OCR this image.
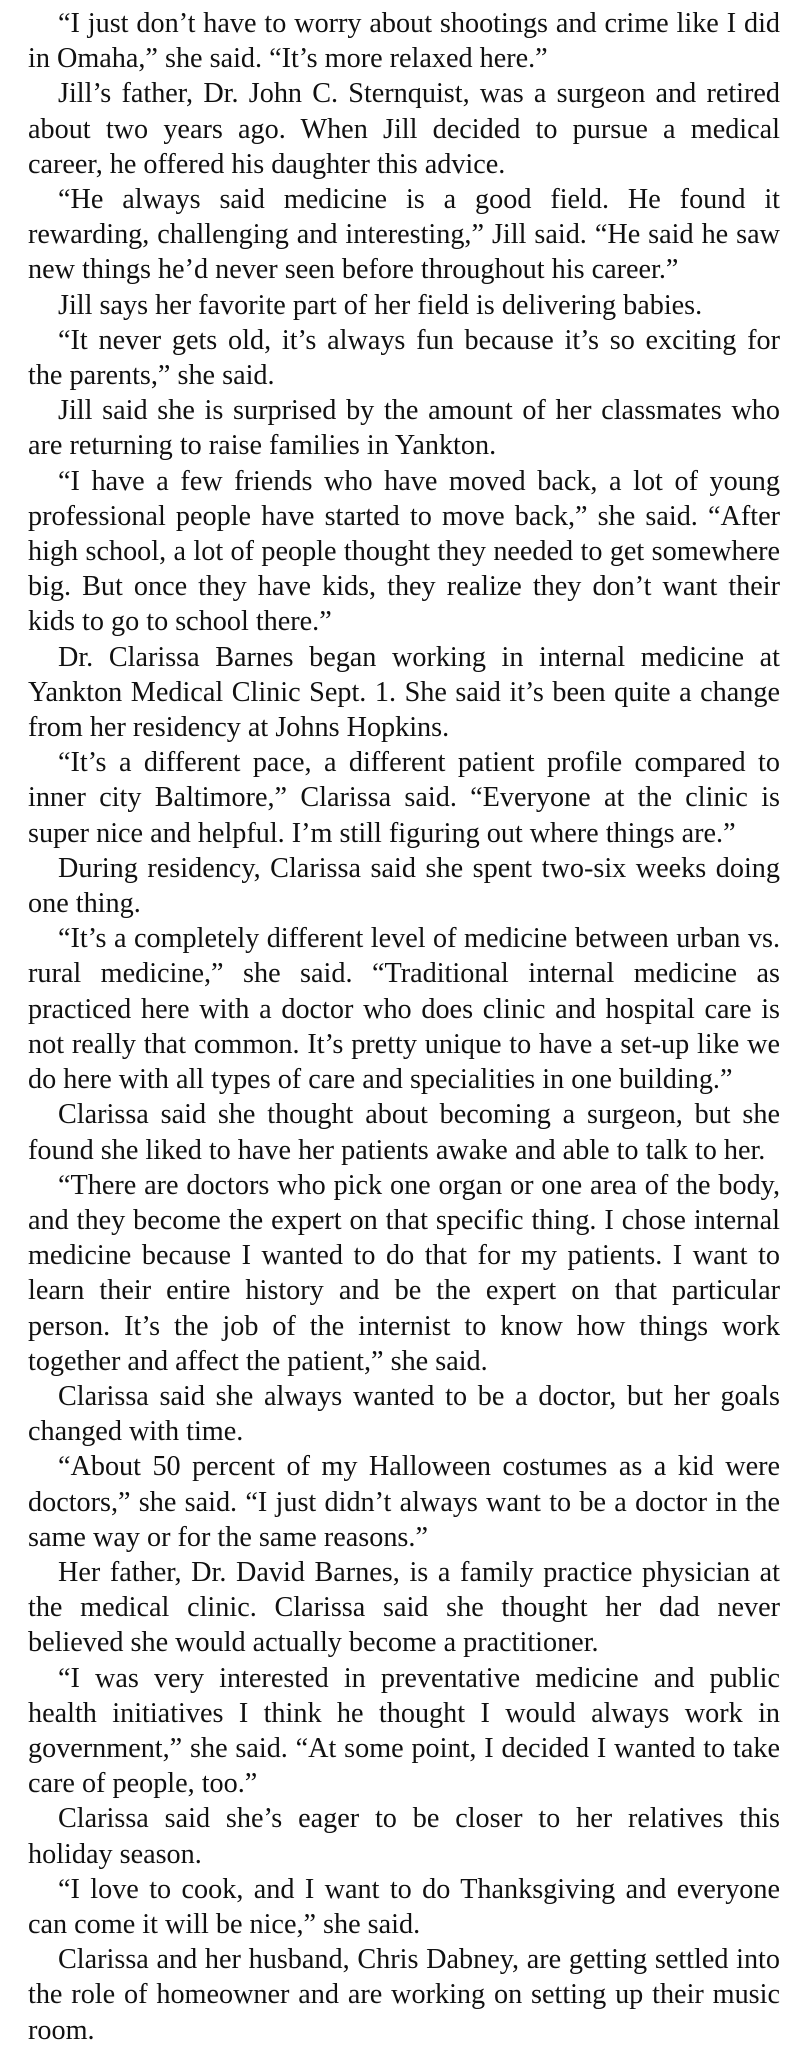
“I just don’t have to worry about shootings and crime like I did in Omaha,” she said. “It’s more relaxed here.”

Jill’s father, Dr. John C. Sternquist, was a surgeon and retired about two years ago. When Jill decided to pursue a medical career, he offered his daughter this advice.

“He always said medicine is a good field. He found it rewarding, challenging and interesting,” Jill said. “He said he saw new things he’d never seen before throughout his career.”

Jill says her favorite part of her field is delivering babies.

“It never gets old, it’s always fun because it’s so exciting for the parents,” she said.

Jill said she is surprised by the amount of her classmates who are returning to raise families in Yankton.

“I have a few friends who have moved back, a lot of young professional people have started to move back,” she said. “After high school, a lot of people thought they needed to get somewhere big. But once they have kids, they realize they don’t want their kids to go to school there.”

Dr. Clarissa Barnes began working in internal medicine at Yankton Medical Clinic Sept. 1. She said it’s been quite a change from her residency at Johns Hopkins.

“It’s a different pace, a different patient profile compared to inner city Baltimore,” Clarissa said. “Everyone at the clinic is super nice and helpful. I’m still figuring out where things are.”

During residency, Clarissa said she spent two-six weeks doing one thing.

“It’s a completely different level of medicine between urban vs. rural medicine,” she said. “Traditional internal medicine as practiced here with a doctor who does clinic and hospital care is not really that common. It’s pretty unique to have a set-up like we do here with all types of care and specialities in one building.”

Clarissa said she thought about becoming a surgeon, but she found she liked to have her patients awake and able to talk to her.

“There are doctors who pick one organ or one area of the body, and they become the expert on that specific thing. I chose internal medicine because I wanted to do that for my patients. I want to learn their entire history and be the expert on that particular person. It’s the job of the internist to know how things work together and affect the patient,” she said.

Clarissa said she always wanted to be a doctor, but her goals changed with time.

“About 50 percent of my Halloween costumes as a kid were doctors,” she said. “I just didn’t always want to be a doctor in the same way or for the same reasons.”

Her father, Dr. David Barnes, is a family practice physician at the medical clinic. Clarissa said she thought her dad never believed she would actually become a practitioner.

“I was very interested in preventative medicine and public health initiatives I think he thought I would always work in government,” she said. “At some point, I decided I wanted to take care of people, too.”

Clarissa said she’s eager to be closer to her relatives this holiday season.

“I love to cook, and I want to do Thanksgiving and everyone can come it will be nice,” she said.

Clarissa and her husband, Chris Dabney, are getting settled into the role of homeowner and are working on setting up their music room.
